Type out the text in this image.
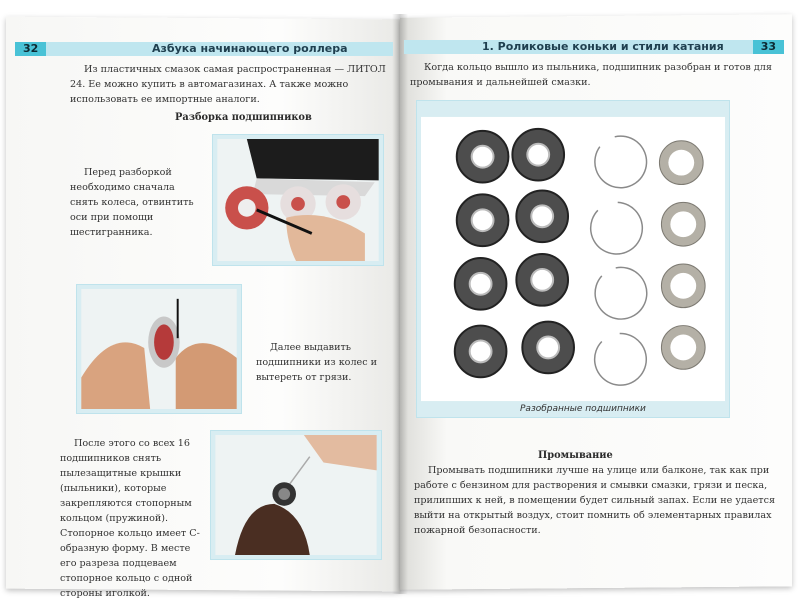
32	Азбука начинающего роллера	1. Роликовые коньки и стили катания	33
Из пластичных смазок самая распространенная — ЛИТОЛ 24. Ее можно купить в автомагазинах. А также можно использовать ее импортные аналоги.
Разборка подшипников
Перед разборкой необходимо сначала снять колеса, отвинтить оси при помощи шестигранника.
Далее выдавить подшипники из колес и вытереть от грязи.
После этого со всех 16 подшипников снять пылезащитные крышки (пыльники), которые закрепляются стопорным кольцом (пружиной). Стопорное кольцо имеет С-образную форму. В месте его разреза подцеваем стопорное кольцо с одной стороны иголкой.
Когда кольцо вышло из пыльника, подшипник разобран и готов для промывания и дальнейшей смазки.
Разобранные подшипники
Промывание
Промывать подшипники лучше на улице или балконе, так как при работе с бензином для растворения и смывки смазки, грязи и песка, прилипших к ней, в помещении будет сильный запах. Если не удается выйти на открытый воздух, стоит помнить об элементарных правилах пожарной безопасности.
